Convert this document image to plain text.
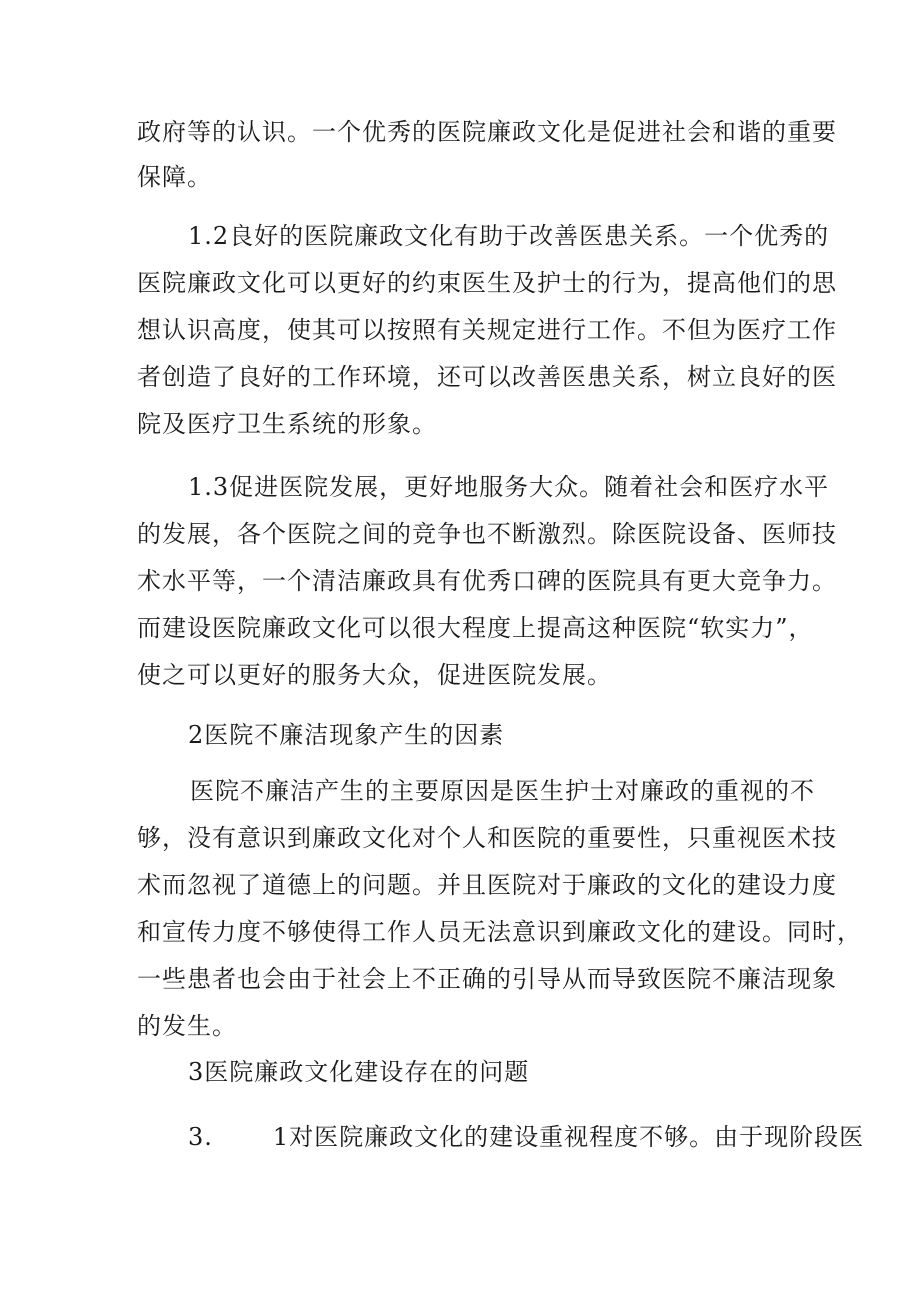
政府等的认识。一个优秀的医院廉政文化是促进社会和谐的重要

保障。

1.2良好的医院廉政文化有助于改善医患关系。一个优秀的

医院廉政文化可以更好的约束医生及护士的行为，提高他们的思

想认识高度，使其可以按照有关规定进行工作。不但为医疗工作

者创造了良好的工作环境，还可以改善医患关系，树立良好的医

院及医疗卫生系统的形象。

1.3促进医院发展，更好地服务大众。随着社会和医疗水平

的发展，各个医院之间的竞争也不断激烈。除医院设备、医师技

术水平等，一个清洁廉政具有优秀口碑的医院具有更大竞争力。

而建设医院廉政文化可以很大程度上提高这种医院“软实力”，

使之可以更好的服务大众，促进医院发展。

2医院不廉洁现象产生的因素

医院不廉洁产生的主要原因是医生护士对廉政的重视的不

够，没有意识到廉政文化对个人和医院的重要性，只重视医术技

术而忽视了道德上的问题。并且医院对于廉政的文化的建设力度

和宣传力度不够使得工作人员无法意识到廉政文化的建设。同时，

一些患者也会由于社会上不正确的引导从而导致医院不廉洁现象

的发生。

3医院廉政文化建设存在的问题

3.	1对医院廉政文化的建设重视程度不够。由于现阶段医
